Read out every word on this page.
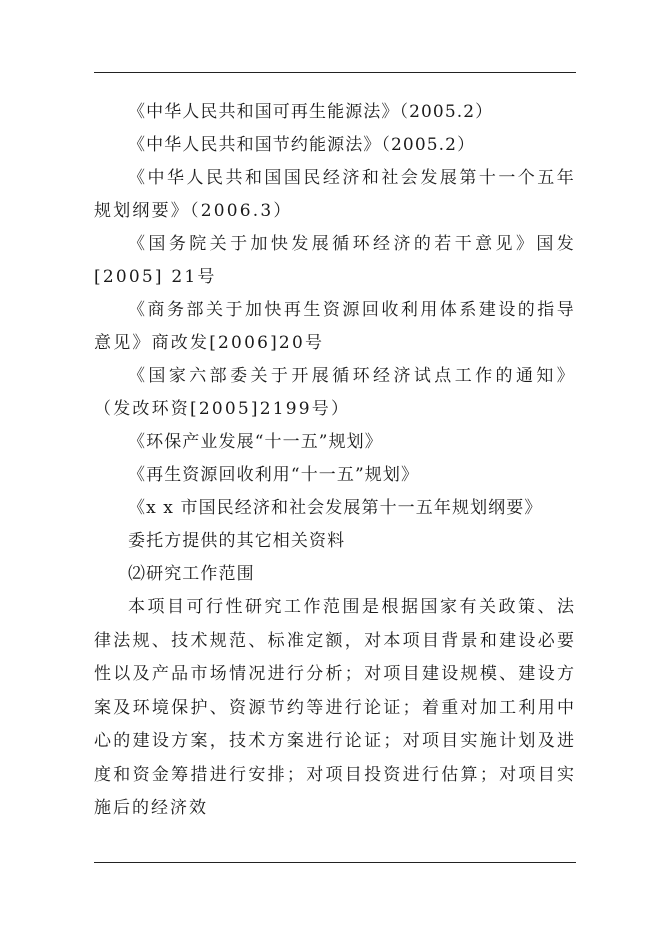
《中华人民共和国可再生能源法》（2005.2）

《中华人民共和国节约能源法》（2005.2）

《中华人民共和国国民经济和社会发展第十一个五年规划纲要》（2006.3）

《国务院关于加快发展循环经济的若干意见》国发[2005] 21号

《商务部关于加快再生资源回收利用体系建设的指导意见》商改发[2006]20号

《国家六部委关于开展循环经济试点工作的通知》（发改环资[2005]2199号）

《环保产业发展“十一五”规划》

《再生资源回收利用“十一五”规划》

《x x 市国民经济和社会发展第十一五年规划纲要》

委托方提供的其它相关资料

⑵研究工作范围

本项目可行性研究工作范围是根据国家有关政策、法律法规、技术规范、标准定额，对本项目背景和建设必要性以及产品市场情况进行分析；对项目建设规模、建设方案及环境保护、资源节约等进行论证；着重对加工利用中心的建设方案，技术方案进行论证；对项目实施计划及进度和资金筹措进行安排；对项目投资进行估算；对项目实施后的经济效
